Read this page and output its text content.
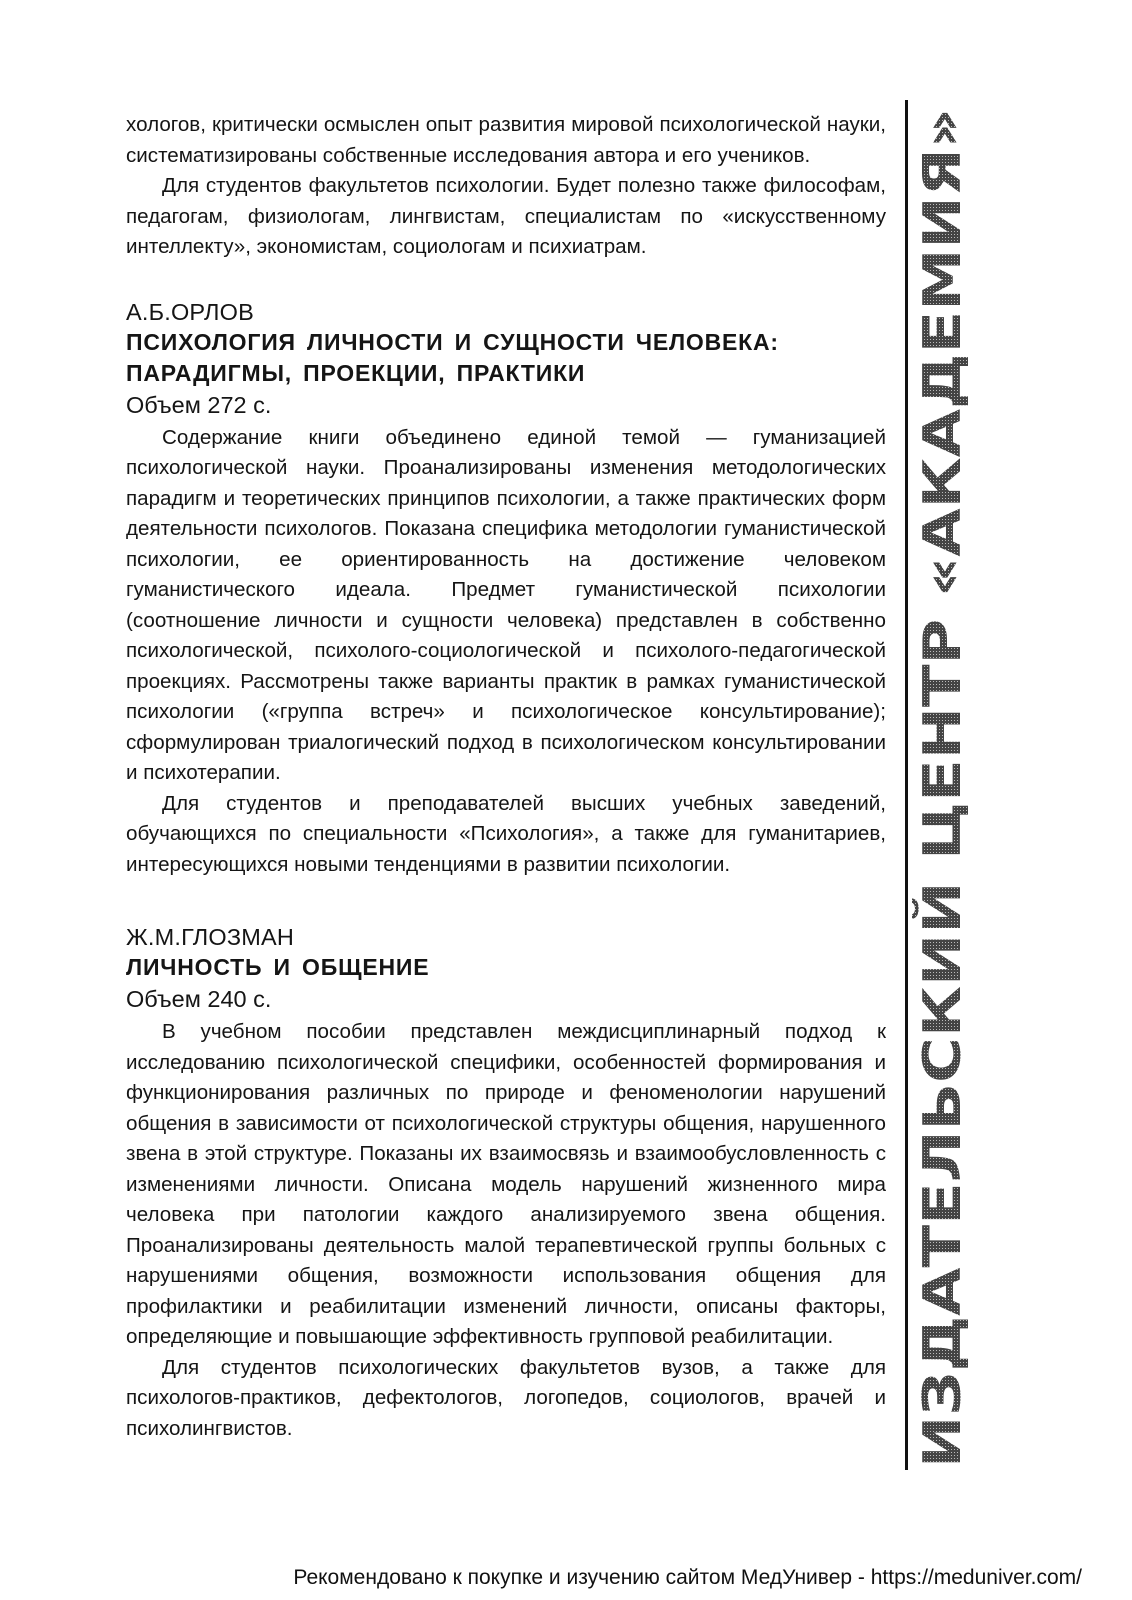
хологов, критически осмыслен опыт развития мировой психологической науки, систематизированы собственные исследования автора и его учеников.

Для студентов факультетов психологии. Будет полезно также философам, педагогам, физиологам, лингвистам, специалистам по «искусственному интеллекту», экономистам, социологам и психиатрам.

А.Б.ОРЛОВ

ПСИХОЛОГИЯ ЛИЧНОСТИ И СУЩНОСТИ ЧЕЛОВЕКА:

ПАРАДИГМЫ, ПРОЕКЦИИ, ПРАКТИКИ

Объем 272 с.

Содержание книги объединено единой темой — гуманизацией психологической науки. Проанализированы изменения методологических парадигм и теоретических принципов психологии, а также практических форм деятельности психологов. Показана специфика методологии гуманистической психологии, ее ориентированность на достижение человеком гуманистического идеала. Предмет гуманистической психологии (соотношение личности и сущности человека) представлен в собственно психологической, психолого-социологической и психолого-педагогической проекциях. Рассмотрены также варианты практик в рамках гуманистической психологии («группа встреч» и психологическое консультирование); сформулирован триалогический подход в психологическом консультировании и психотерапии.

Для студентов и преподавателей высших учебных заведений, обучающихся по специальности «Психология», а также для гуманитариев, интересующихся новыми тенденциями в развитии психологии.

Ж.М.ГЛОЗМАН

ЛИЧНОСТЬ И ОБЩЕНИЕ

Объем 240 с.

В учебном пособии представлен междисциплинарный подход к исследованию психологической специфики, особенностей формирования и функционирования различных по природе и феноменологии нарушений общения в зависимости от психологической структуры общения, нарушенного звена в этой структуре. Показаны их взаимосвязь и взаимообусловленность с изменениями личности. Описана модель нарушений жизненного мира человека при патологии каждого анализируемого звена общения. Проанализированы деятельность малой терапевтической группы больных с нарушениями общения, возможности использования общения для профилактики и реабилитации изменений личности, описаны факторы, определяющие и повышающие эффективность групповой реабилитации.

Для студентов психологических факультетов вузов, а также для психологов-практиков, дефектологов, логопедов, социологов, врачей и психолингвистов.	ИЗДАТЕЛЬСКИЙ ЦЕНТР «АКАДЕМИЯ»
Рекомендовано к покупке и изучению сайтом МедУнивер - https://meduniver.com/
